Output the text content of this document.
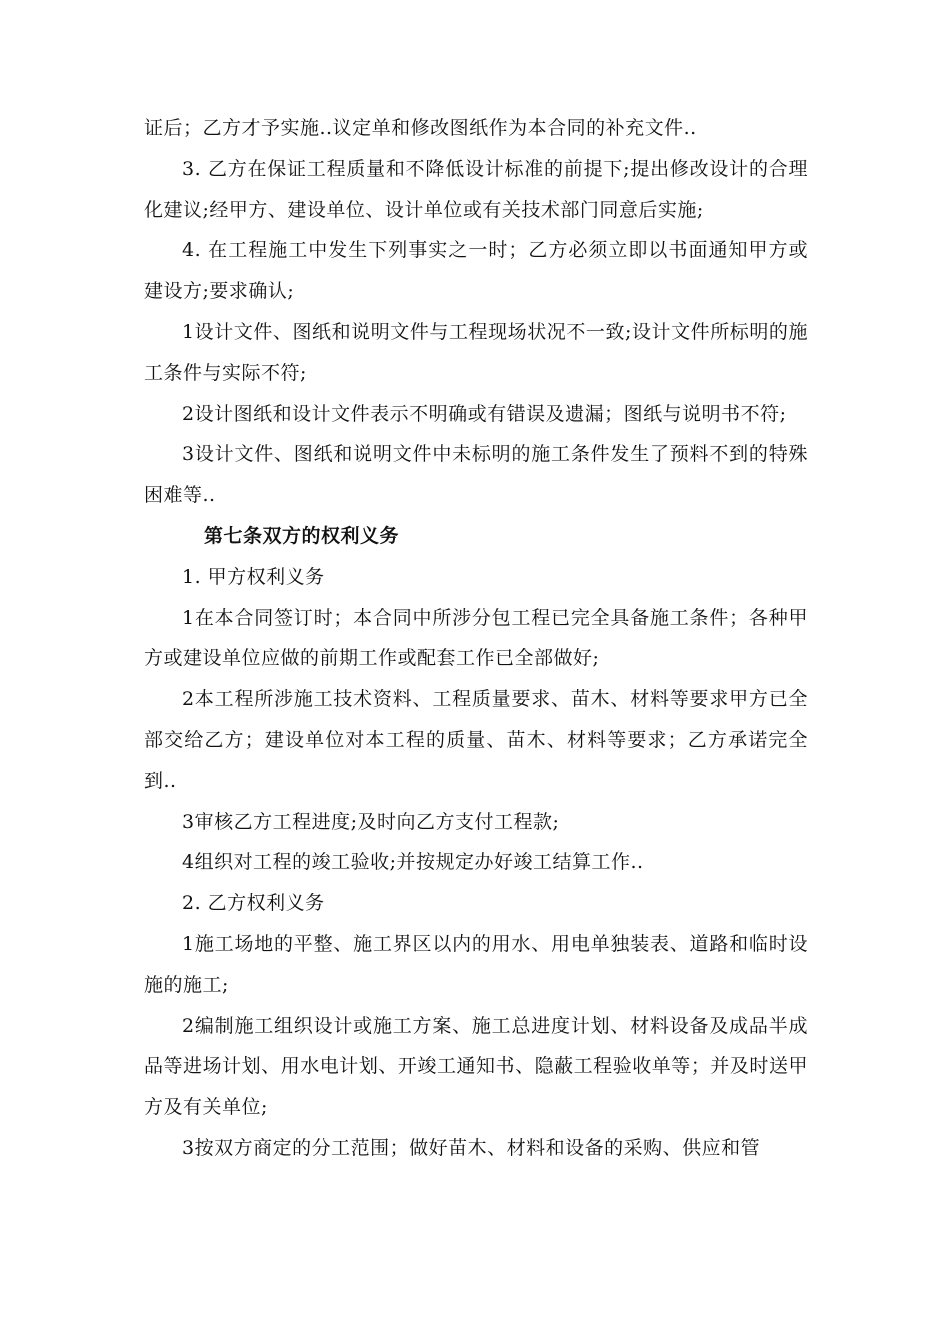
证后；乙方才予实施..议定单和修改图纸作为本合同的补充文件..

3. 乙方在保证工程质量和不降低设计标准的前提下;提出修改设计的合理化建议;经甲方、建设单位、设计单位或有关技术部门同意后实施;

4. 在工程施工中发生下列事实之一时；乙方必须立即以书面通知甲方或建设方;要求确认;

1设计文件、图纸和说明文件与工程现场状况不一致;设计文件所标明的施工条件与实际不符;

2设计图纸和设计文件表示不明确或有错误及遗漏；图纸与说明书不符;

3设计文件、图纸和说明文件中未标明的施工条件发生了预料不到的特殊困难等..

第七条双方的权利义务

1. 甲方权利义务

1在本合同签订时；本合同中所涉分包工程已完全具备施工条件；各种甲方或建设单位应做的前期工作或配套工作已全部做好;

2本工程所涉施工技术资料、工程质量要求、苗木、材料等要求甲方已全部交给乙方；建设单位对本工程的质量、苗木、材料等要求；乙方承诺完全到..

3审核乙方工程进度;及时向乙方支付工程款;

4组织对工程的竣工验收;并按规定办好竣工结算工作..

2. 乙方权利义务

1施工场地的平整、施工界区以内的用水、用电单独装表、道路和临时设施的施工;

2编制施工组织设计或施工方案、施工总进度计划、材料设备及成品半成品等进场计划、用水电计划、开竣工通知书、隐蔽工程验收单等；并及时送甲方及有关单位;

3按双方商定的分工范围；做好苗木、材料和设备的采购、供应和管
